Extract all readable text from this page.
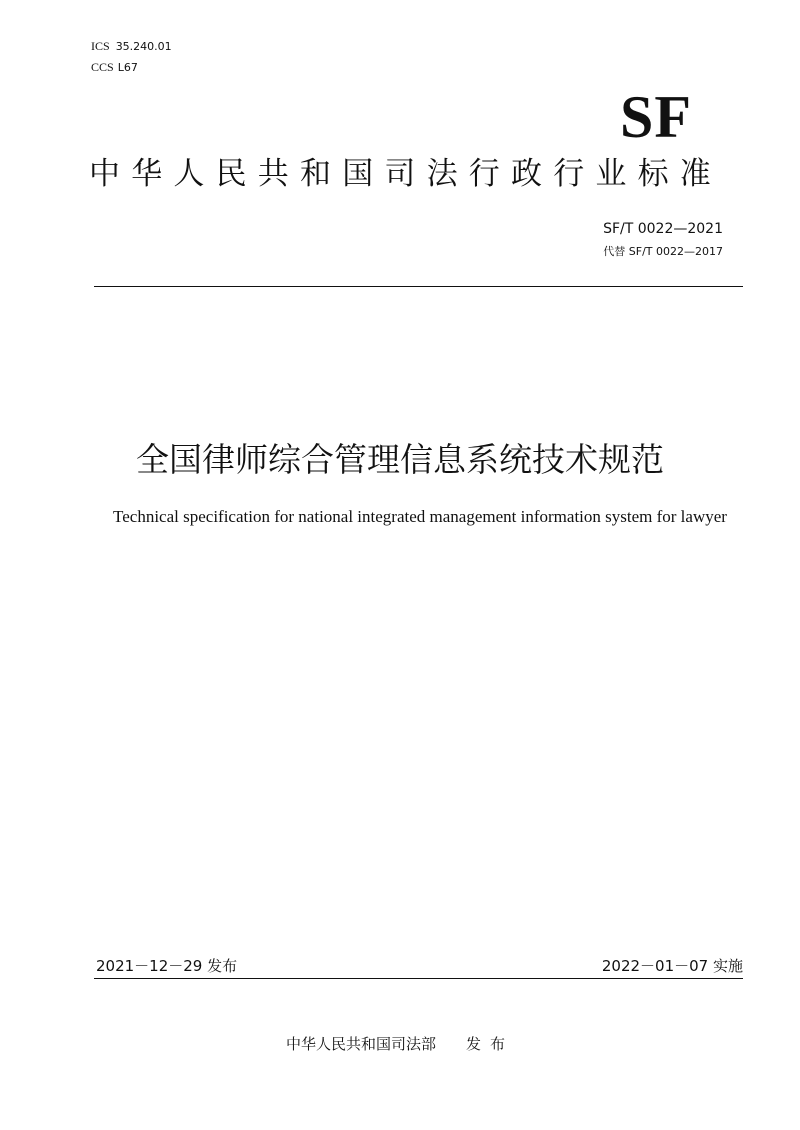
ICS 35.240.01
CCS L67
SF
中华人民共和国司法行政行业标准
SF/T 0022—2021
代替 SF/T 0022—2017
全国律师综合管理信息系统技术规范
Technical specification for national integrated management information system for lawyer
2021－12－29 发布	2022－01－07 实施
中华人民共和国司法部 发布
